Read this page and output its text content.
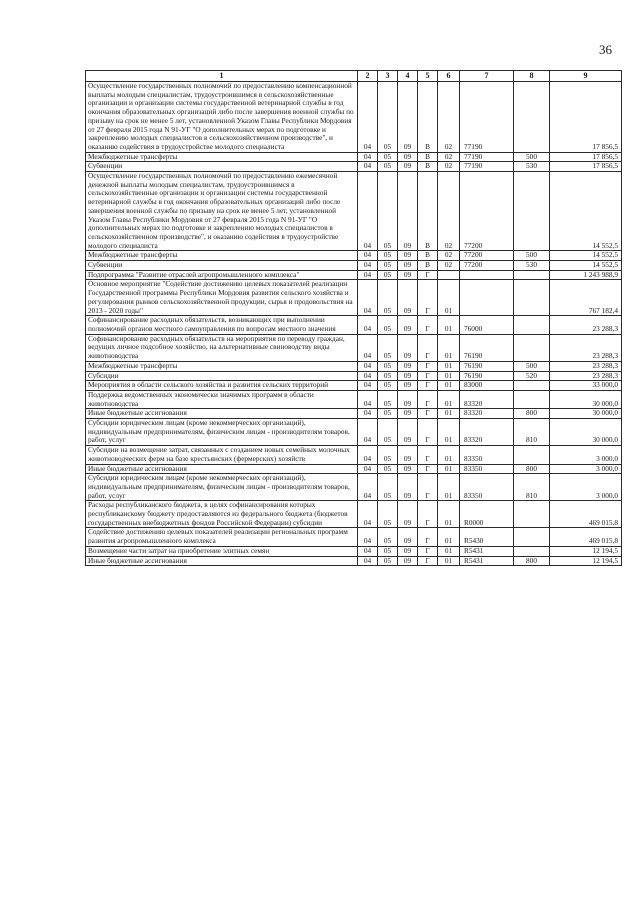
36
1	2	3	4	5	6	7	8	9
Осуществление государственных полномочий по предоставлению компенсационной выплаты молодым специалистам, трудоустроившимся в сельскохозяйственные организации и организации системы государственной ветеринарной службы в год окончания образовательных организаций либо после завершения военной службы по призыву на срок не менее 5 лет, установленной Указом Главы Республики Мордовия от 27 февраля 2015 года N 91-УГ "О дополнительных мерах по подготовке и закреплению молодых специалистов в сельскохозяйственном производстве", и оказанию содействия в трудоустройстве молодого специалиста	04	05	09	В	02	77190		17 856,5
Межбюджетные трансферты	04	05	09	В	02	77190	500	17 856,5
Субвенции	04	05	09	В	02	77190	530	17 856,5
Осуществление государственных полномочий по предоставлению ежемесячной денежной выплаты молодым специалистам, трудоустроившимся в сельскохозяйственные организации и организации системы государственной ветеринарной службы в год окончания образовательных организаций либо после завершения военной службы по призыву на срок не менее 5 лет, установленной Указом Главы Республики Мордовия от 27 февраля 2015 года N 91-УГ "О дополнительных мерах по подготовке и закреплению молодых специалистов в сельскохозяйственном производстве", и оказанию содействия в трудоустройстве молодого специалиста	04	05	09	В	02	77200		14 552,5
Межбюджетные трансферты	04	05	09	В	02	77200	500	14 552,5
Субвенции	04	05	09	В	02	77200	530	14 552,5
Подпрограмма "Развитие отраслей агропромышленного комплекса"	04	05	09	Г				1 243 988,9
Основное мероприятие "Содействие достижению целевых показателей реализации Государственной программы Республики Мордовия развития сельского хозяйства и регулирования рынков сельскохозяйственной продукции, сырья и продовольствия на 2013 - 2020 годы"	04	05	09	Г	01			767 182,4
Софинансирование расходных обязательств, возникающих при выполнении полномочий органов местного самоуправления по вопросам местного значения	04	05	09	Г	01	76000		23 288,3
Софинансирование расходных обязательств на мероприятия по переводу граждан, ведущих личное подсобное хозяйство, на альтернативные свиноводству виды животноводства	04	05	09	Г	01	76190		23 288,3
Межбюджетные трансферты	04	05	09	Г	01	76190	500	23 288,3
Субсидии	04	05	09	Г	01	76190	520	23 288,3
Мероприятия в области сельского хозяйства и развития сельских территорий	04	05	09	Г	01	83000		33 000,0
Поддержка ведомственных экономически значимых программ в области животноводства	04	05	09	Г	01	83320		30 000,0
Иные бюджетные ассигнования	04	05	09	Г	01	83320	800	30 000,0
Субсидии юридическим лицам (кроме некоммерческих организаций), индивидуальным предпринимателям, физическим лицам - производителям товаров, работ, услуг	04	05	09	Г	01	83320	810	30 000,0
Субсидии на возмещение затрат, связанных с созданием новых семейных молочных животноводческих ферм на базе крестьянских (фермерских) хозяйств	04	05	09	Г	01	83350		3 000,0
Иные бюджетные ассигнования	04	05	09	Г	01	83350	800	3 000,0
Субсидии юридическим лицам (кроме некоммерческих организаций), индивидуальным предпринимателям, физическим лицам - производителям товаров, работ, услуг	04	05	09	Г	01	83350	810	3 000,0
Расходы республиканского бюджета, в целях софинансирования которых республиканскому бюджету предоставляются из федерального бюджета (бюджетов государственных внебюджетных фондов Российской Федерации) субсидии	04	05	09	Г	01	R0000		469 015,8
Содействие достижению целевых показателей реализации региональных программ развития агропромышленного комплекса	04	05	09	Г	01	R5430		469 015,8
Возмещение части затрат на приобретение элитных семян	04	05	09	Г	01	R5431		12 194,5
Иные бюджетные ассигнования	04	05	09	Г	01	R5431	800	12 194,5
